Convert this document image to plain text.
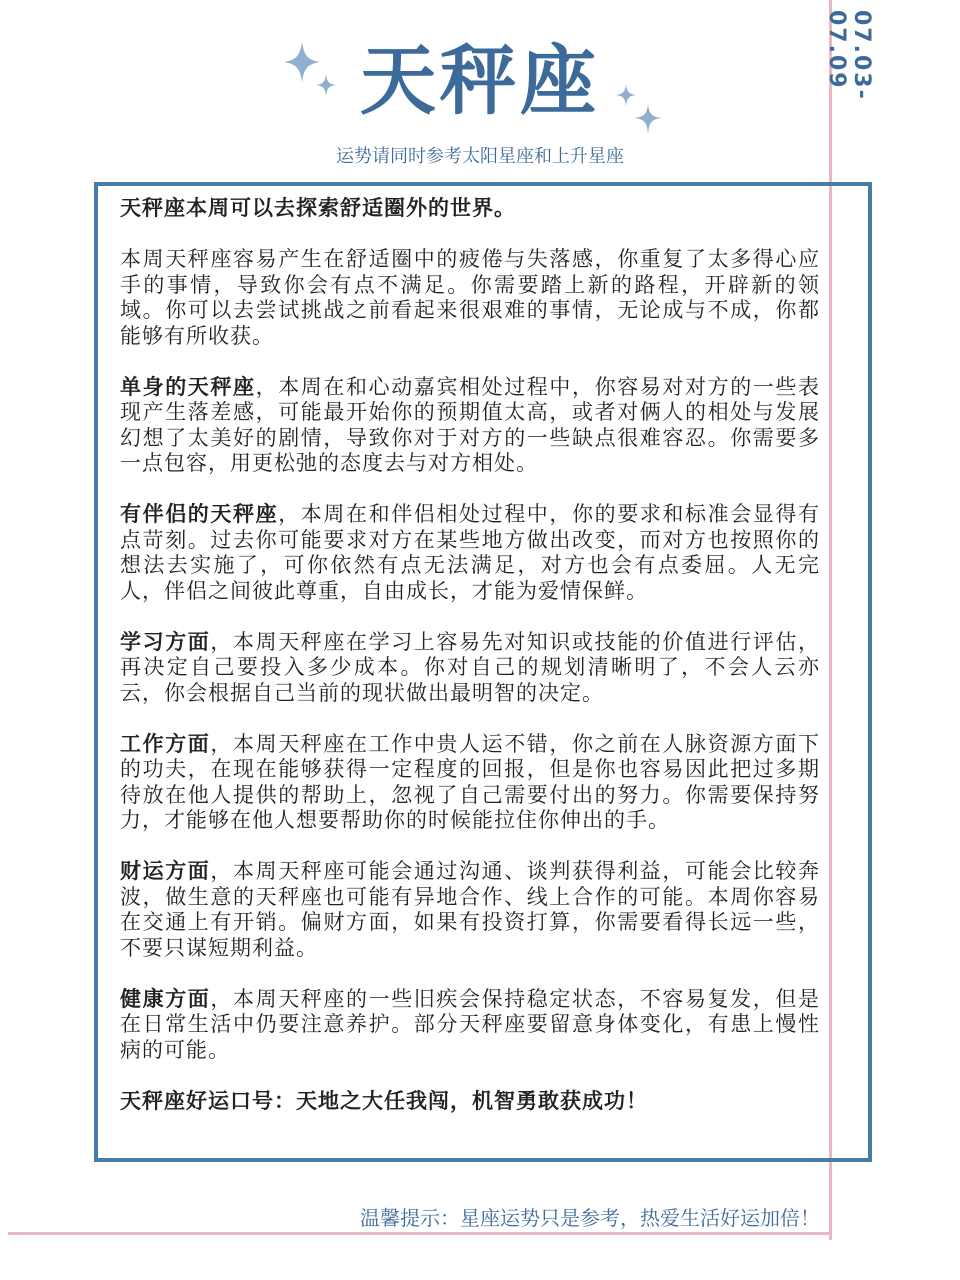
07.03-07.09
天秤座
运势请同时参考太阳星座和上升星座

天秤座本周可以去探索舒适圈外的世界。

本周天秤座容易产生在舒适圈中的疲倦与失落感，你重复了太多得心应手的事情，导致你会有点不满足。你需要踏上新的路程，开辟新的领域。你可以去尝试挑战之前看起来很艰难的事情，无论成与不成，你都能够有所收获。

单身的天秤座，本周在和心动嘉宾相处过程中，你容易对对方的一些表现产生落差感，可能最开始你的预期值太高，或者对俩人的相处与发展幻想了太美好的剧情，导致你对于对方的一些缺点很难容忍。你需要多一点包容，用更松弛的态度去与对方相处。

有伴侣的天秤座，本周在和伴侣相处过程中，你的要求和标准会显得有点苛刻。过去你可能要求对方在某些地方做出改变，而对方也按照你的想法去实施了，可你依然有点无法满足，对方也会有点委屈。人无完人，伴侣之间彼此尊重，自由成长，才能为爱情保鲜。

学习方面，本周天秤座在学习上容易先对知识或技能的价值进行评估，再决定自己要投入多少成本。你对自己的规划清晰明了，不会人云亦云，你会根据自己当前的现状做出最明智的决定。

工作方面，本周天秤座在工作中贵人运不错，你之前在人脉资源方面下的功夫，在现在能够获得一定程度的回报，但是你也容易因此把过多期待放在他人提供的帮助上，忽视了自己需要付出的努力。你需要保持努力，才能够在他人想要帮助你的时候能拉住你伸出的手。

财运方面，本周天秤座可能会通过沟通、谈判获得利益，可能会比较奔波，做生意的天秤座也可能有异地合作、线上合作的可能。本周你容易在交通上有开销。偏财方面，如果有投资打算，你需要看得长远一些，不要只谋短期利益。

健康方面，本周天秤座的一些旧疾会保持稳定状态，不容易复发，但是在日常生活中仍要注意养护。部分天秤座要留意身体变化，有患上慢性病的可能。

天秤座好运口号：天地之大任我闯，机智勇敢获成功！

温馨提示：星座运势只是参考，热爱生活好运加倍！
